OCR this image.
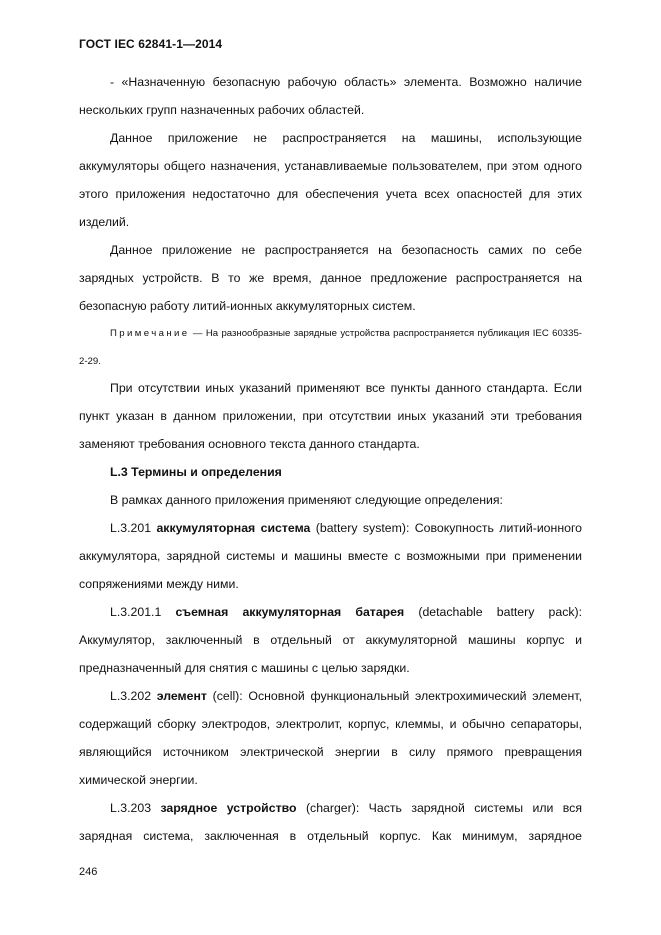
ГОСТ IEC 62841-1—2014

- «Назначенную безопасную рабочую область» элемента. Возможно наличие нескольких групп назначенных рабочих областей.

Данное приложение не распространяется на машины, использующие аккумуляторы общего назначения, устанавливаемые пользователем, при этом одного этого приложения недостаточно для обеспечения учета всех опасностей для этих изделий.

Данное приложение не распространяется на безопасность самих по себе зарядных устройств. В то же время, данное предложение распространяется на безопасную работу литий-ионных аккумуляторных систем.

Примечание — На разнообразные зарядные устройства распространяется публикация IEC 60335-2-29.

При отсутствии иных указаний применяют все пункты данного стандарта. Если пункт указан в данном приложении, при отсутствии иных указаний эти требования заменяют требования основного текста данного стандарта.

L.3 Термины и определения

В рамках данного приложения применяют следующие определения:

L.3.201 аккумуляторная система (battery system): Совокупность литий-ионного аккумулятора, зарядной системы и машины вместе с возможными при применении сопряжениями между ними.

L.3.201.1 съемная аккумуляторная батарея (detachable battery pack): Аккумулятор, заключенный в отдельный от аккумуляторной машины корпус и предназначенный для снятия с машины с целью зарядки.

L.3.202 элемент (cell): Основной функциональный электрохимический элемент, содержащий сборку электродов, электролит, корпус, клеммы, и обычно сепараторы, являющийся источником электрической энергии в силу прямого превращения химической энергии.

L.3.203 зарядное устройство (charger): Часть зарядной системы или вся зарядная система, заключенная в отдельный корпус. Как минимум, зарядное

246
